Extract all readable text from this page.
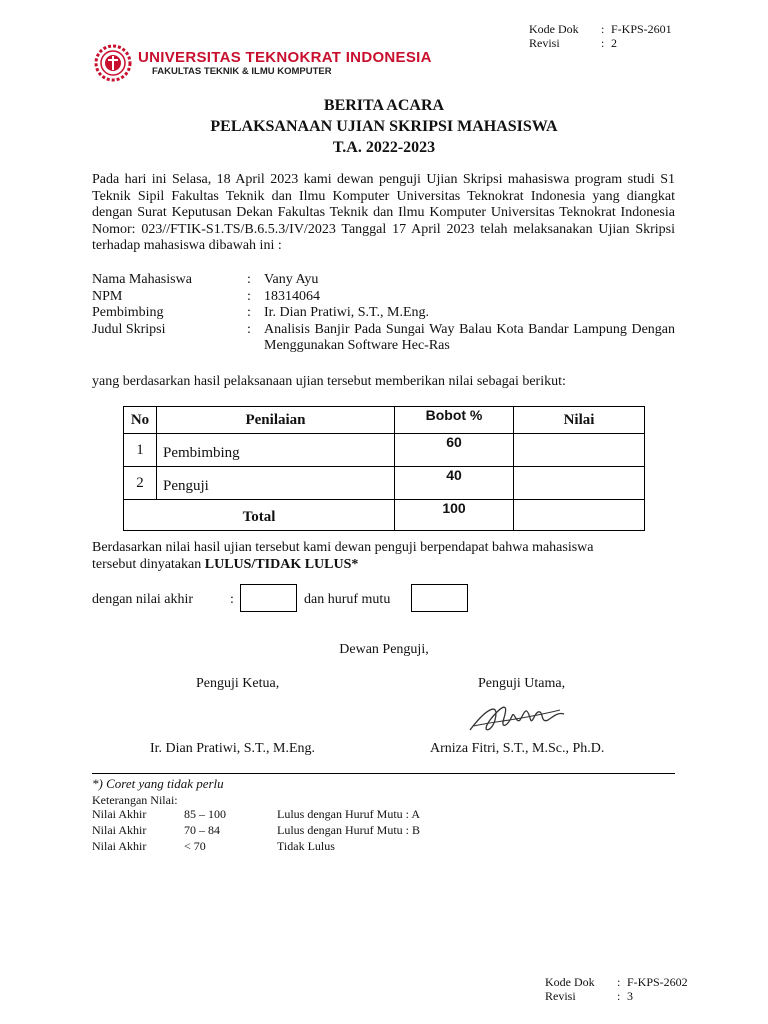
Kode Dok	: F-KPS-2601
Revisi	: 2
UNIVERSITAS TEKNOKRAT INDONESIA
FAKULTAS TEKNIK & ILMU KOMPUTER
BERITA ACARA
PELAKSANAAN UJIAN SKRIPSI MAHASISWA
T.A. 2022-2023
Pada hari ini Selasa, 18 April 2023 kami dewan penguji Ujian Skripsi mahasiswa program studi S1 Teknik Sipil Fakultas Teknik dan Ilmu Komputer Universitas Teknokrat Indonesia yang diangkat dengan Surat Keputusan Dekan Fakultas Teknik dan Ilmu Komputer Universitas Teknokrat Indonesia Nomor: 023//FTIK-S1.TS/B.6.5.3/IV/2023 Tanggal 17 April 2023 telah melaksanakan Ujian Skripsi terhadap mahasiswa dibawah ini :
Nama Mahasiswa	: Vany Ayu
NPM	: 18314064
Pembimbing	: Ir. Dian Pratiwi, S.T., M.Eng.
Judul Skripsi	: Analisis Banjir Pada Sungai Way Balau Kota Bandar Lampung Dengan Menggunakan Software Hec-Ras
yang berdasarkan hasil pelaksanaan ujian tersebut memberikan nilai sebagai berikut:
No	Penilaian	Bobot %	Nilai
1	Pembimbing	60	
2	Penguji	40	
Total		100	
Berdasarkan nilai hasil ujian tersebut kami dewan penguji berpendapat bahwa mahasiswa
tersebut dinyatakan LULUS/TIDAK LULUS*
dengan nilai akhir	:	dan huruf mutu
Dewan Penguji,
Penguji Ketua,	Penguji Utama,
Ir. Dian Pratiwi, S.T., M.Eng.	Arniza Fitri, S.T., M.Sc., Ph.D.
*) Coret yang tidak perlu
Keterangan Nilai:
Nilai Akhir	85 – 100	Lulus dengan Huruf Mutu : A
Nilai Akhir	70 – 84	Lulus dengan Huruf Mutu : B
Nilai Akhir	< 70	Tidak Lulus
Kode Dok	: F-KPS-2602
Revisi	: 3
